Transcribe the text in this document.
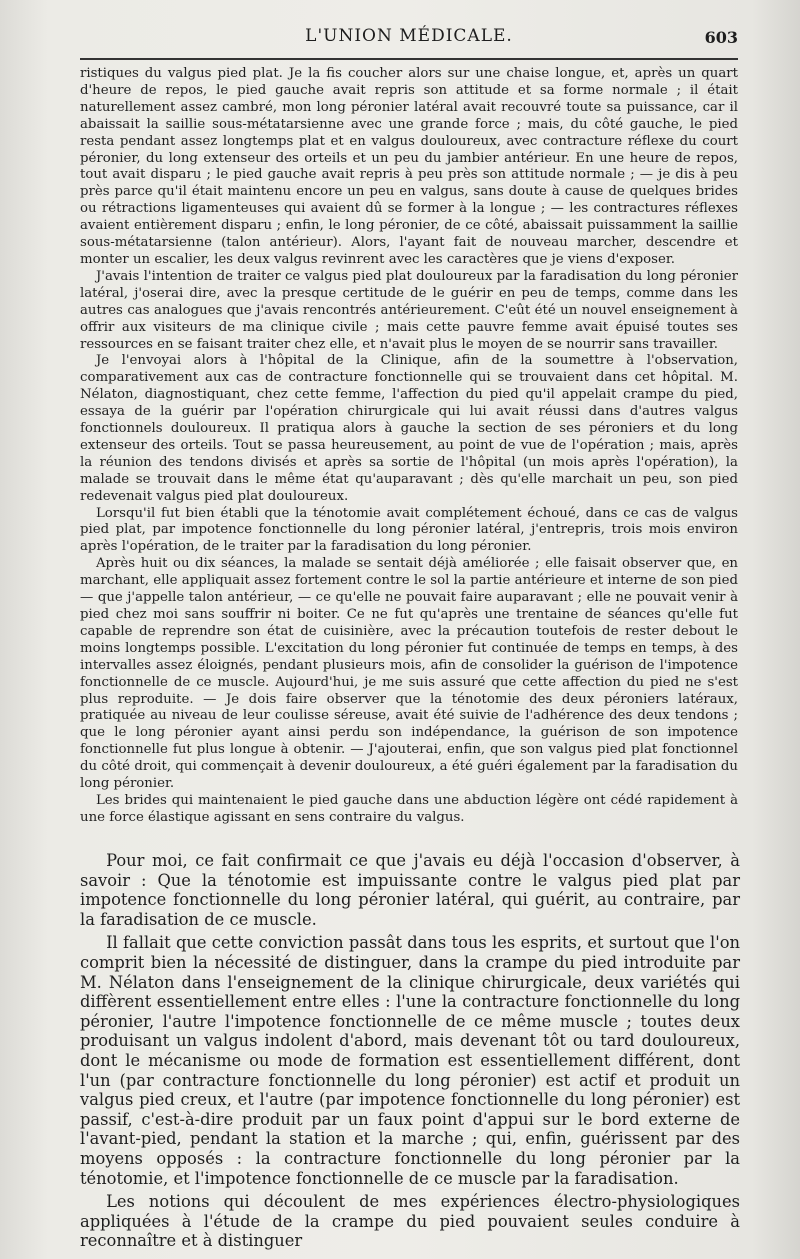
L'UNION MÉDICALE.	603

ristiques du valgus pied plat. Je la fis coucher alors sur une chaise longue, et, après un quart d'heure de repos, le pied gauche avait repris son attitude et sa forme normale ; il était naturellement assez cambré, mon long péronier latéral avait recouvré toute sa puissance, car il abaissait la saillie sous-métatarsienne avec une grande force ; mais, du côté gauche, le pied resta pendant assez longtemps plat et en valgus douloureux, avec contracture réflexe du court péronier, du long extenseur des orteils et un peu du jambier antérieur. En une heure de repos, tout avait disparu ; le pied gauche avait repris à peu près son attitude normale ; — je dis à peu près parce qu'il était maintenu encore un peu en valgus, sans doute à cause de quelques brides ou rétractions ligamenteuses qui avaient dû se former à la longue ; — les contractures réflexes avaient entièrement disparu ; enfin, le long péronier, de ce côté, abaissait puissamment la saillie sous-métatarsienne (talon antérieur). Alors, l'ayant fait de nouveau marcher, descendre et monter un escalier, les deux valgus revinrent avec les caractères que je viens d'exposer.

J'avais l'intention de traiter ce valgus pied plat douloureux par la faradisation du long péronier latéral, j'oserai dire, avec la presque certitude de le guérir en peu de temps, comme dans les autres cas analogues que j'avais rencontrés antérieurement. C'eût été un nouvel enseignement à offrir aux visiteurs de ma clinique civile ; mais cette pauvre femme avait épuisé toutes ses ressources en se faisant traiter chez elle, et n'avait plus le moyen de se nourrir sans travailler.

Je l'envoyai alors à l'hôpital de la Clinique, afin de la soumettre à l'observation, comparativement aux cas de contracture fonctionnelle qui se trouvaient dans cet hôpital. M. Nélaton, diagnostiquant, chez cette femme, l'affection du pied qu'il appelait crampe du pied, essaya de la guérir par l'opération chirurgicale qui lui avait réussi dans d'autres valgus fonctionnels douloureux. Il pratiqua alors à gauche la section de ses péroniers et du long extenseur des orteils. Tout se passa heureusement, au point de vue de l'opération ; mais, après la réunion des tendons divisés et après sa sortie de l'hôpital (un mois après l'opération), la malade se trouvait dans le même état qu'auparavant ; dès qu'elle marchait un peu, son pied redevenait valgus pied plat douloureux.

Lorsqu'il fut bien établi que la ténotomie avait complétement échoué, dans ce cas de valgus pied plat, par impotence fonctionnelle du long péronier latéral, j'entrepris, trois mois environ après l'opération, de le traiter par la faradisation du long péronier.

Après huit ou dix séances, la malade se sentait déjà améliorée ; elle faisait observer que, en marchant, elle appliquait assez fortement contre le sol la partie antérieure et interne de son pied — que j'appelle talon antérieur, — ce qu'elle ne pouvait faire auparavant ; elle ne pouvait venir à pied chez moi sans souffrir ni boiter. Ce ne fut qu'après une trentaine de séances qu'elle fut capable de reprendre son état de cuisinière, avec la précaution toutefois de rester debout le moins longtemps possible. L'excitation du long péronier fut continuée de temps en temps, à des intervalles assez éloignés, pendant plusieurs mois, afin de consolider la guérison de l'impotence fonctionnelle de ce muscle. Aujourd'hui, je me suis assuré que cette affection du pied ne s'est plus reproduite. — Je dois faire observer que la ténotomie des deux péroniers latéraux, pratiquée au niveau de leur coulisse séreuse, avait été suivie de l'adhérence des deux tendons ; que le long péronier ayant ainsi perdu son indépendance, la guérison de son impotence fonctionnelle fut plus longue à obtenir. — J'ajouterai, enfin, que son valgus pied plat fonctionnel du côté droit, qui commençait à devenir douloureux, a été guéri également par la faradisation du long péronier.

Les brides qui maintenaient le pied gauche dans une abduction légère ont cédé rapidement à une force élastique agissant en sens contraire du valgus.

Pour moi, ce fait confirmait ce que j'avais eu déjà l'occasion d'observer, à savoir : Que la ténotomie est impuissante contre le valgus pied plat par impotence fonctionnelle du long péronier latéral, qui guérit, au contraire, par la faradisation de ce muscle.

Il fallait que cette conviction passât dans tous les esprits, et surtout que l'on comprit bien la nécessité de distinguer, dans la crampe du pied introduite par M. Nélaton dans l'enseignement de la clinique chirurgicale, deux variétés qui diffèrent essentiellement entre elles : l'une la contracture fonctionnelle du long péronier, l'autre l'impotence fonctionnelle de ce même muscle ; toutes deux produisant un valgus indolent d'abord, mais devenant tôt ou tard douloureux, dont le mécanisme ou mode de formation est essentiellement différent, dont l'un (par contracture fonctionnelle du long péronier) est actif et produit un valgus pied creux, et l'autre (par impotence fonctionnelle du long péronier) est passif, c'est-à-dire produit par un faux point d'appui sur le bord externe de l'avant-pied, pendant la station et la marche ; qui, enfin, guérissent par des moyens opposés : la contracture fonctionnelle du long péronier par la ténotomie, et l'impotence fonctionnelle de ce muscle par la faradisation.

Les notions qui découlent de mes expériences électro-physiologiques appliquées à l'étude de la crampe du pied pouvaient seules conduire à reconnaître et à distinguer
